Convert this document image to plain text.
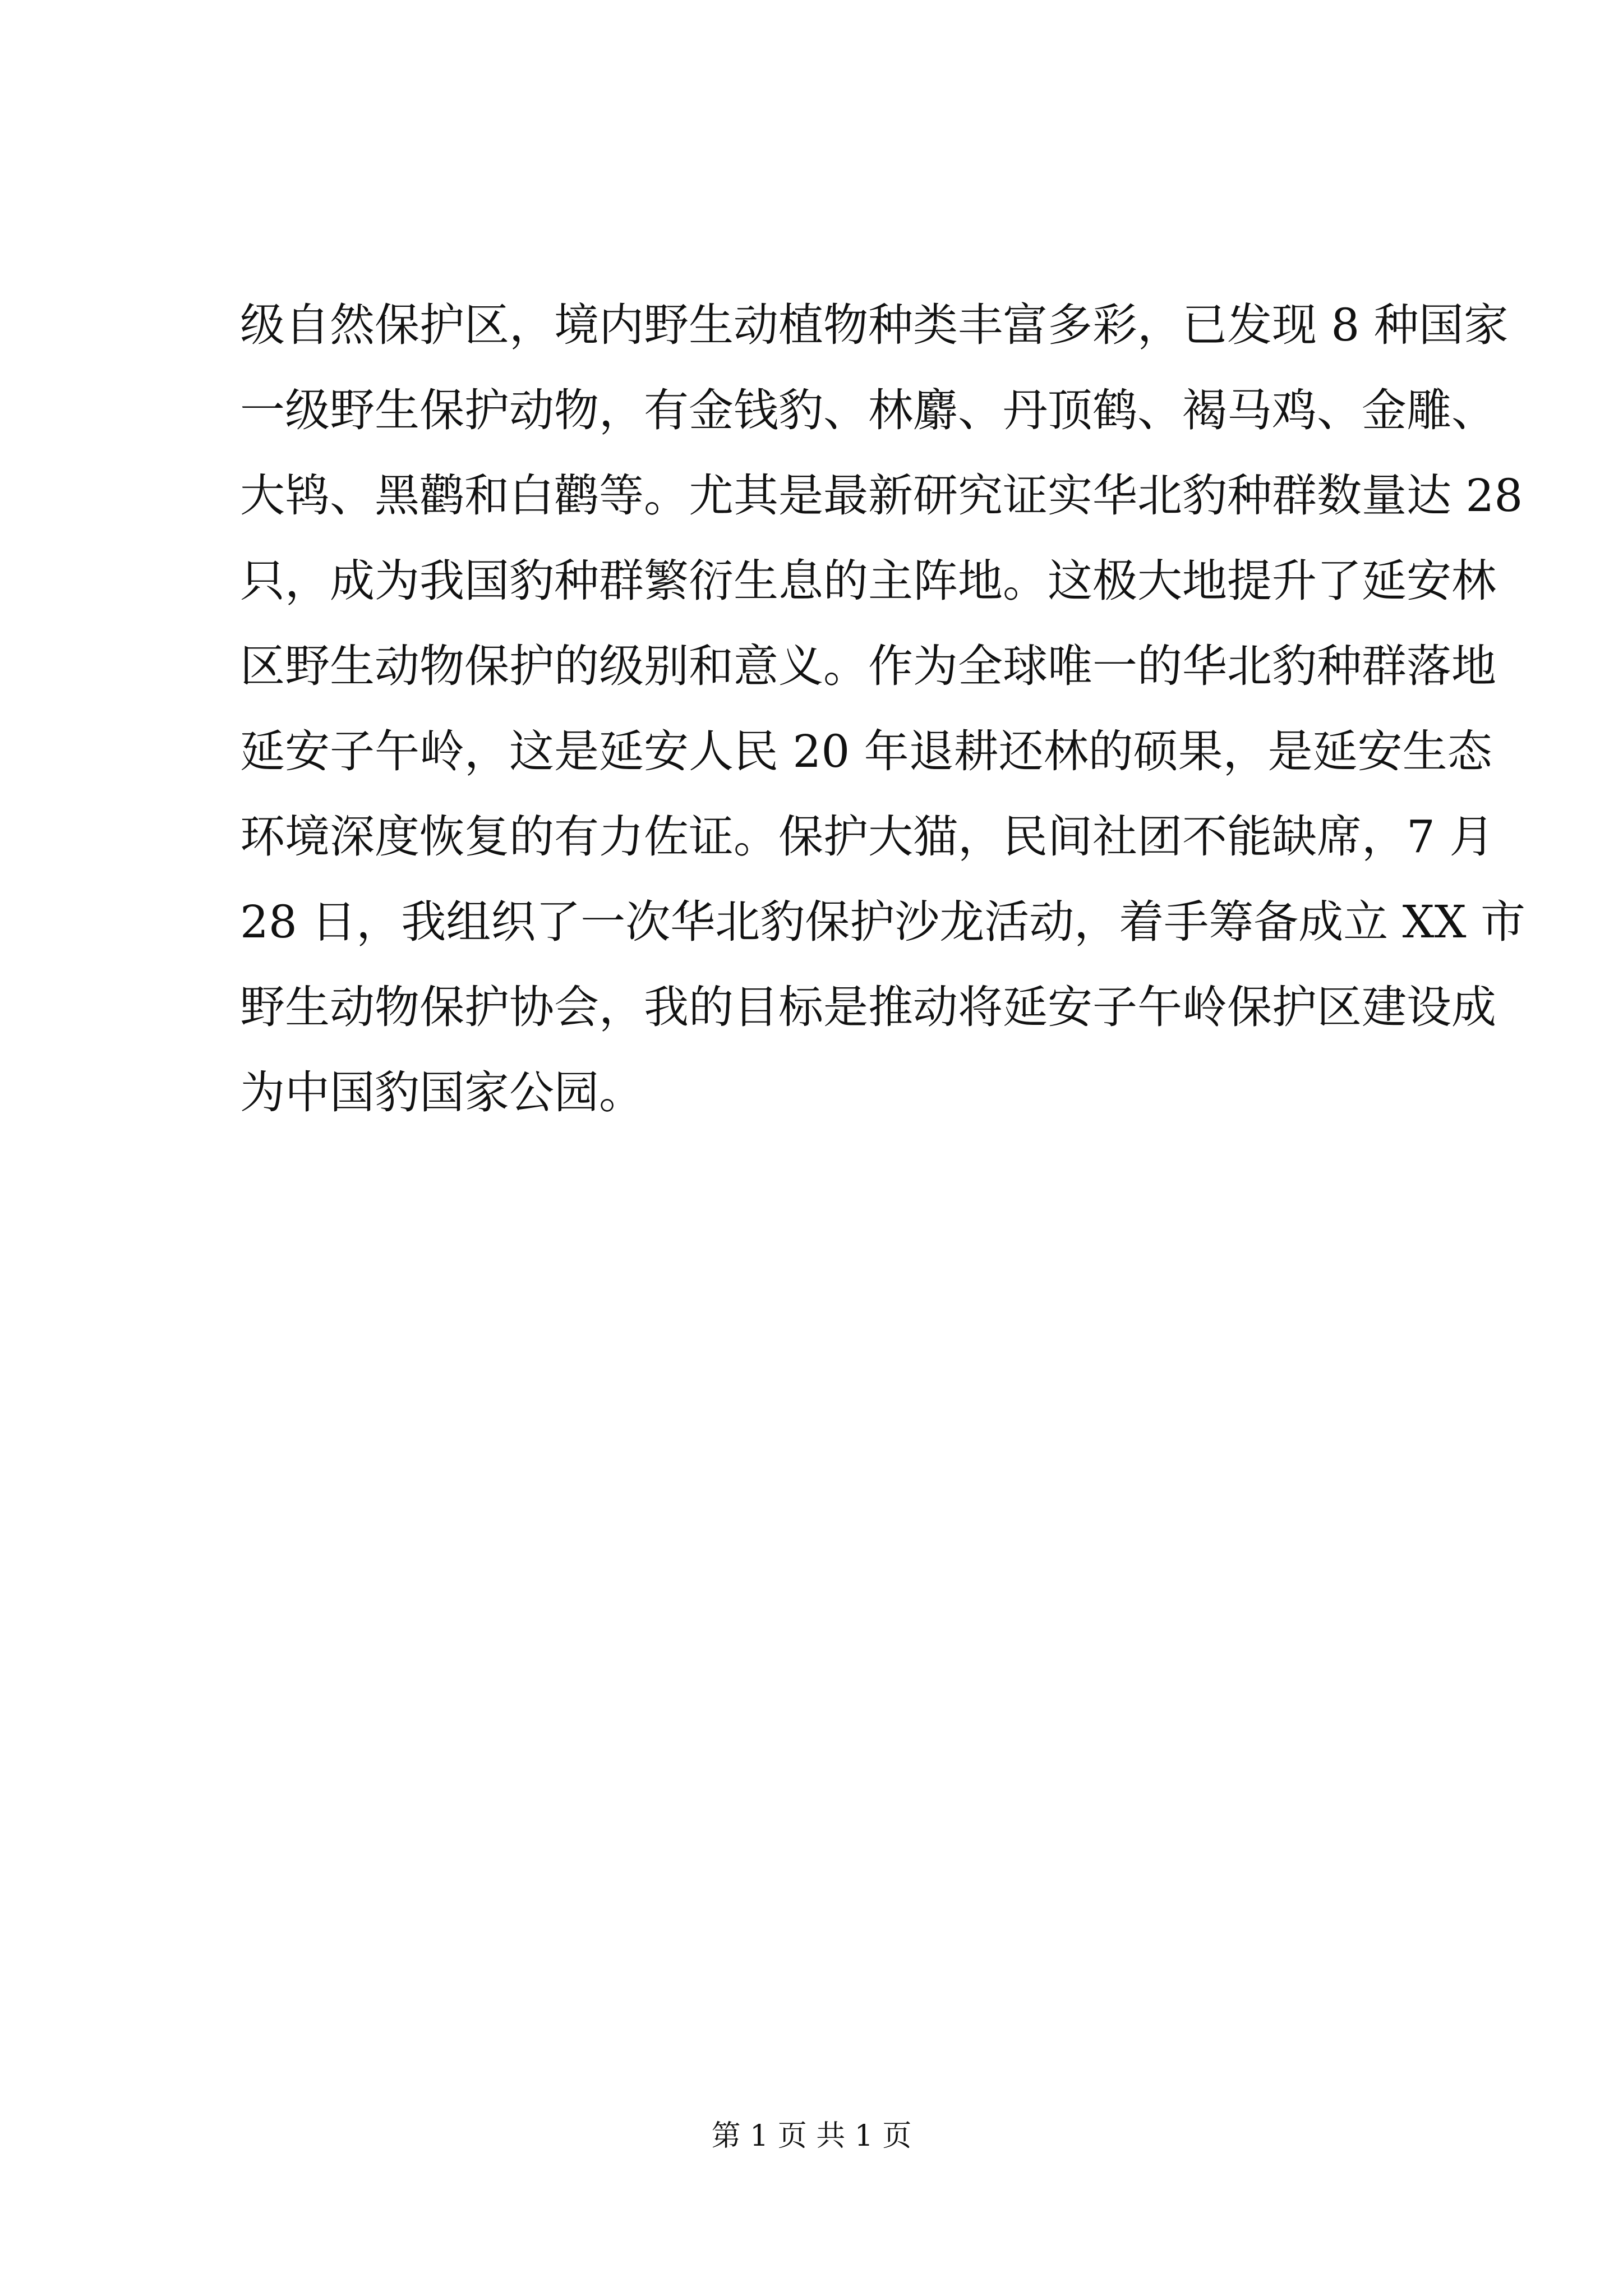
级自然保护区，境内野生动植物种类丰富多彩，已发现 8 种国家
一级野生保护动物，有金钱豹、林麝、丹顶鹤、褐马鸡、金雕、
大鸨、黑鹳和白鹳等。尤其是最新研究证实华北豹种群数量达 28
只，成为我国豹种群繁衍生息的主阵地。这极大地提升了延安林
区野生动物保护的级别和意义。作为全球唯一的华北豹种群落地
延安子午岭，这是延安人民 20 年退耕还林的硕果，是延安生态
环境深度恢复的有力佐证。保护大猫，民间社团不能缺席，7 月
28 日，我组织了一次华北豹保护沙龙活动，着手筹备成立 XX 市
野生动物保护协会，我的目标是推动将延安子午岭保护区建设成
为中国豹国家公园。
第 1 页 共 1 页
